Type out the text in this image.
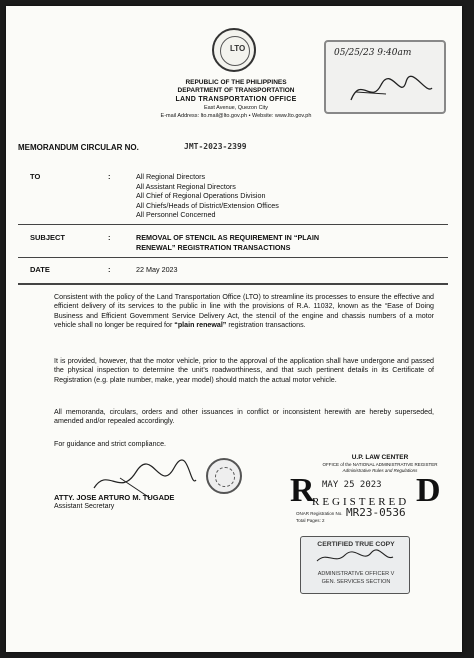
LTO
REPUBLIC OF THE PHILIPPINES
DEPARTMENT OF TRANSPORTATION
LAND TRANSPORTATION OFFICE
East Avenue, Quezon City
E-mail Address: lto.mail@lto.gov.ph • Website: www.lto.gov.ph
05/25/23 9:40am
MEMORANDUM CIRCULAR NO.	JMT-2023-2399
TO	:	All Regional Directors
All Assistant Regional Directors
All Chief of Regional Operations Division
All Chiefs/Heads of District/Extension Offices
All Personnel Concerned
SUBJECT	:	REMOVAL OF STENCIL AS REQUIREMENT IN “PLAIN
RENEWAL” REGISTRATION TRANSACTIONS
DATE	:	22 May 2023
Consistent with the policy of the Land Transportation Office (LTO) to streamline its processes to ensure the effective and efficient delivery of its services to the public in line with the provisions of R.A. 11032, known as the “Ease of Doing Business and Efficient Government Service Delivery Act, the stencil of the engine and chassis numbers of a motor vehicle shall no longer be required for “plain renewal” registration transactions.
It is provided, however, that the motor vehicle, prior to the approval of the application shall have undergone and passed the physical inspection to determine the unit’s roadworthiness, and that such pertinent details in its Certificate of Registration (e.g. plate number, make, year model) should match the actual motor vehicle.
All memoranda, circulars, orders and other issuances in conflict or inconsistent herewith are hereby superseded, amended and/or repealed accordingly.
For guidance and strict compliance.
ATTY. JOSE ARTURO M. TUGADE
Assistant Secretary
U.P. LAW CENTER
OFFICE of the NATIONAL ADMINISTRATIVE REGISTER
Administrative Rules and Regulations
R	D
MAY 25 2023
REGISTERED
ONAR Registration No. MR23-0536
Total Pages: 2
CERTIFIED TRUE COPY
ADMINISTRATIVE OFFICER V
GEN. SERVICES SECTION
